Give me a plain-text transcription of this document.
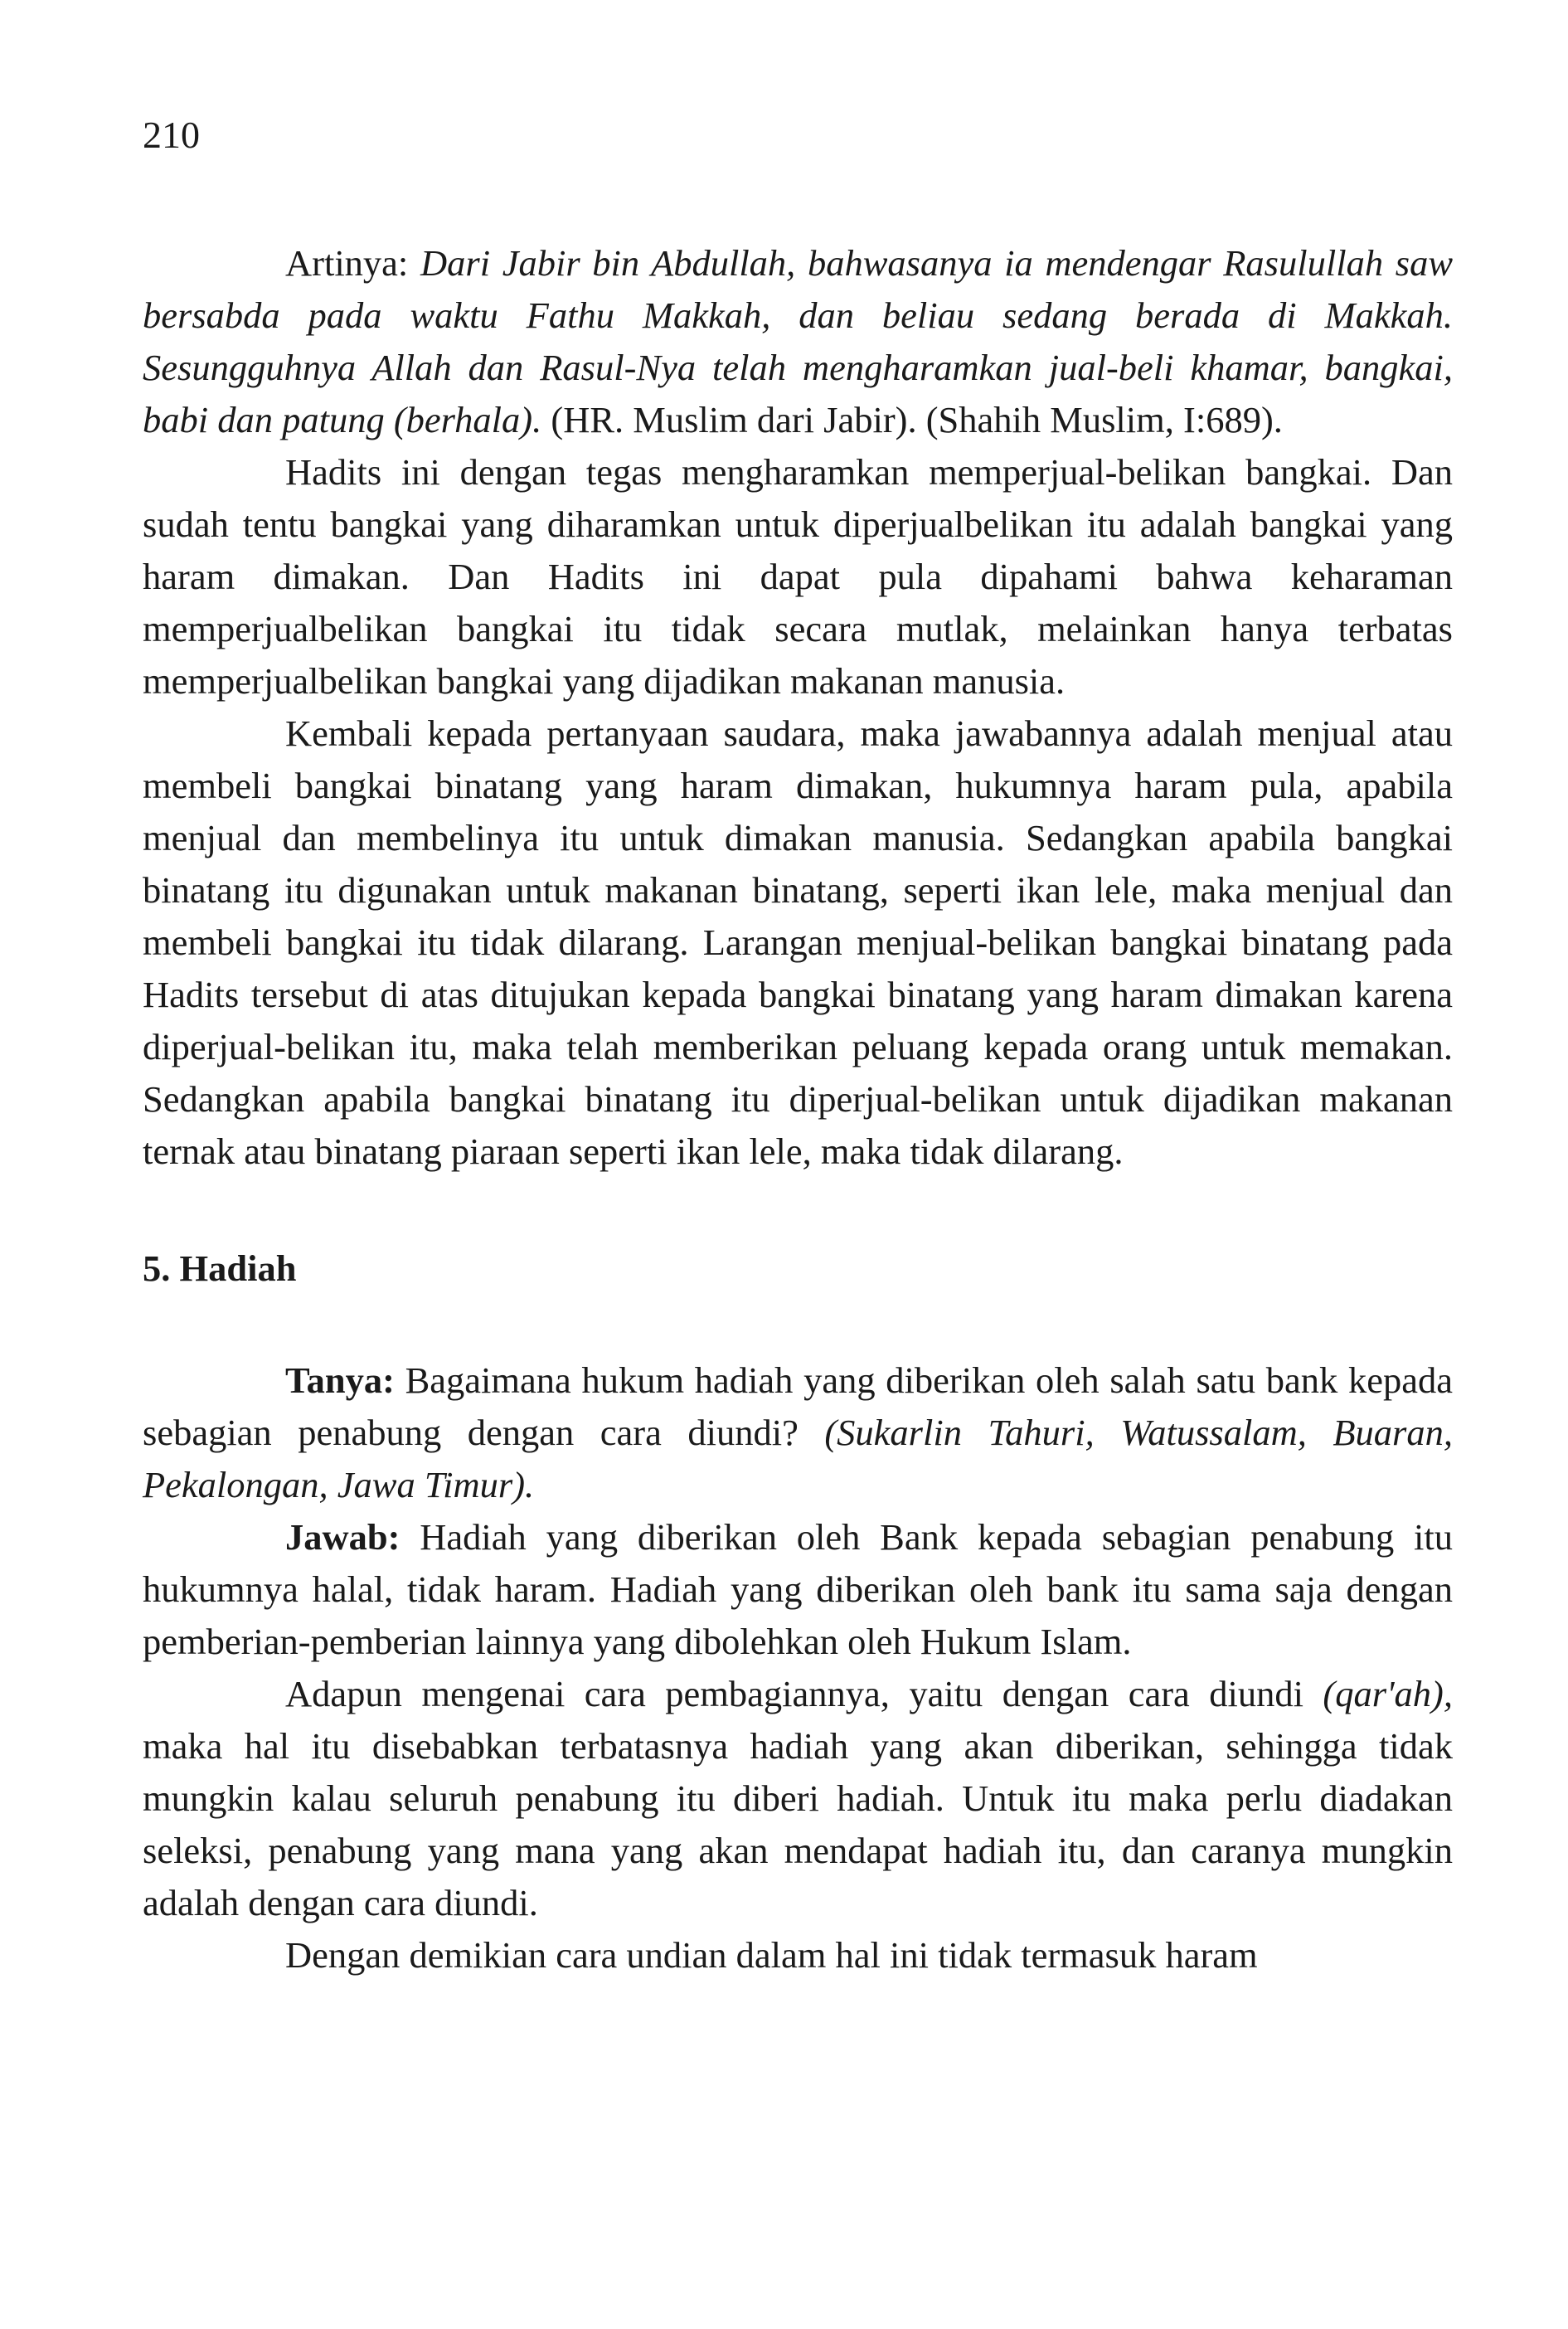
210

Artinya: Dari Jabir bin Abdullah, bahwasanya ia mendengar Rasulullah saw bersabda pada waktu Fathu Makkah, dan beliau sedang berada di Makkah. Sesungguhnya Allah dan Rasul-Nya telah mengharamkan jual-beli khamar, bangkai, babi dan patung (berhala). (HR. Muslim dari Jabir). (Shahih Muslim, I:689).

Hadits ini dengan tegas mengharamkan memperjual-belikan bangkai. Dan sudah tentu bangkai yang diharamkan untuk diperjualbelikan itu adalah bangkai yang haram dimakan. Dan Hadits ini dapat pula dipahami bahwa keharaman memperjualbelikan bangkai itu tidak secara mutlak, melainkan hanya terbatas memperjualbelikan bangkai yang dijadikan makanan manusia.

Kembali kepada pertanyaan saudara, maka jawabannya adalah menjual atau membeli bangkai binatang yang haram dimakan, hukumnya haram pula, apabila menjual dan membelinya itu untuk dimakan manusia. Sedangkan apabila bangkai binatang itu digunakan untuk makanan binatang, seperti ikan lele, maka menjual dan membeli bangkai itu tidak dilarang. Larangan menjual-belikan bangkai binatang pada Hadits tersebut di atas ditujukan kepada bangkai binatang yang haram dimakan karena diperjual-belikan itu, maka telah memberikan peluang kepada orang untuk memakan. Sedangkan apabila bangkai binatang itu diperjual-belikan untuk dijadikan makanan ternak atau binatang piaraan seperti ikan lele, maka tidak dilarang.

5. Hadiah

Tanya: Bagaimana hukum hadiah yang diberikan oleh salah satu bank kepada sebagian penabung dengan cara diundi? (Sukarlin Tahuri, Watussalam, Buaran, Pekalongan, Jawa Timur).

Jawab: Hadiah yang diberikan oleh Bank kepada sebagian penabung itu hukumnya halal, tidak haram. Hadiah yang diberikan oleh bank itu sama saja dengan pemberian-pemberian lainnya yang dibolehkan oleh Hukum Islam.

Adapun mengenai cara pembagiannya, yaitu dengan cara diundi (qar'ah), maka hal itu disebabkan terbatasnya hadiah yang akan diberikan, sehingga tidak mungkin kalau seluruh penabung itu diberi hadiah. Untuk itu maka perlu diadakan seleksi, penabung yang mana yang akan mendapat hadiah itu, dan caranya mungkin adalah dengan cara diundi.

Dengan demikian cara undian dalam hal ini tidak termasuk haram
